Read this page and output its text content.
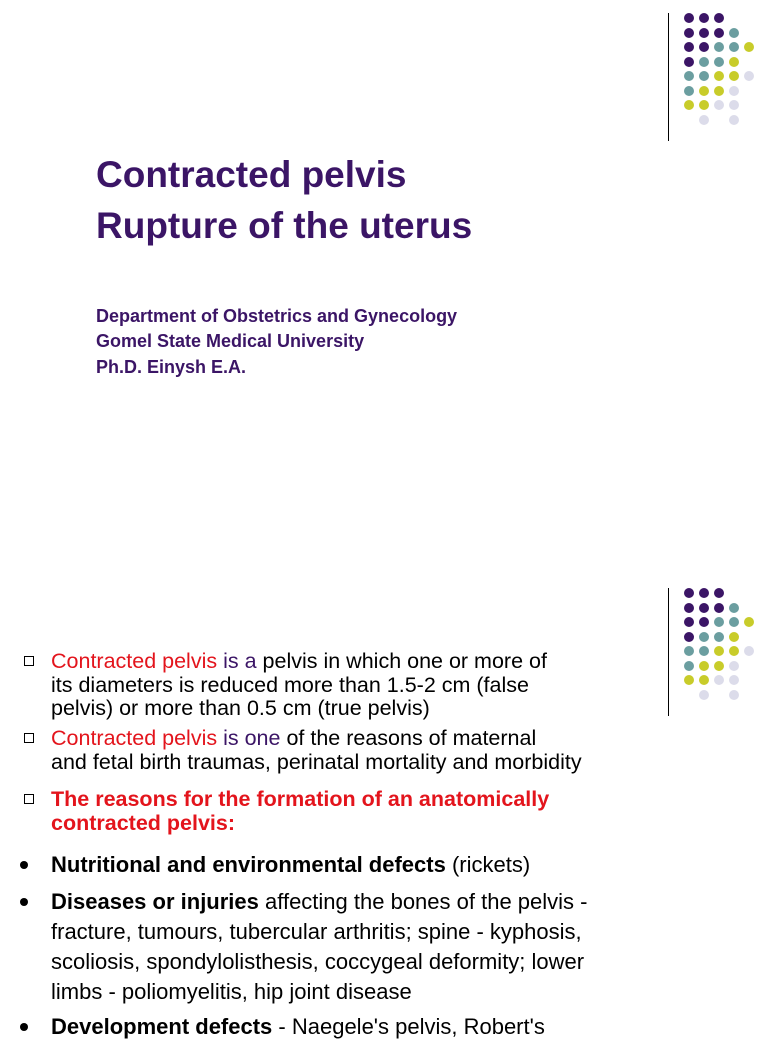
Contracted pelvis
Rupture of the uterus

Department of Obstetrics and Gynecology

Gomel State Medical University

Ph.D. Einysh E.A.

Contracted pelvis is a pelvis in which one or more of
its diameters is reduced more than 1.5-2 cm (false
pelvis) or more than 0.5 cm (true pelvis)
Contracted pelvis is one of the reasons of maternal
and fetal birth traumas, perinatal mortality and morbidity
The reasons for the formation of an anatomically
contracted pelvis:
Nutritional and environmental defects (rickets)
Diseases or injuries affecting the bones of the pelvis -
fracture, tumours, tubercular arthritis; spine - kyphosis,
scoliosis, spondylolisthesis, coccygeal deformity; lower
limbs - poliomyelitis, hip joint disease
Development defects - Naegele's pelvis, Robert's
